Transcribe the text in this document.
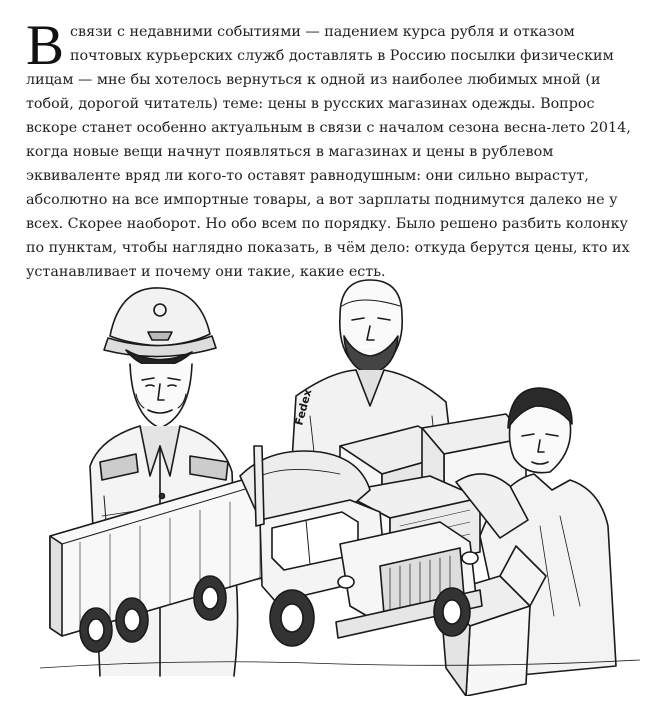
В связи с недавними событиями — падением курса рубля и отказом почтовых курьерских служб доставлять в Россию посылки физическим лицам — мне бы хотелось вернуться к одной из наиболее любимых мной (и тобой, дорогой читатель) теме: цены в русских магазинах одежды. Вопрос вскоре станет особенно актуальным в связи с началом сезона весна-лето 2014, когда новые вещи начнут появляться в магазинах и цены в рублевом эквиваленте вряд ли кого-то оставят равнодушным: они сильно вырастут, абсолютно на все импортные товары, а вот зарплаты поднимутся далеко не у всех. Скорее наоборот. Но обо всем по порядку. Было решено разбить колонку по пунктам, чтобы наглядно показать, в чём дело: откуда берутся цены, кто их устанавливает и почему они такие, какие есть.

Fedex
